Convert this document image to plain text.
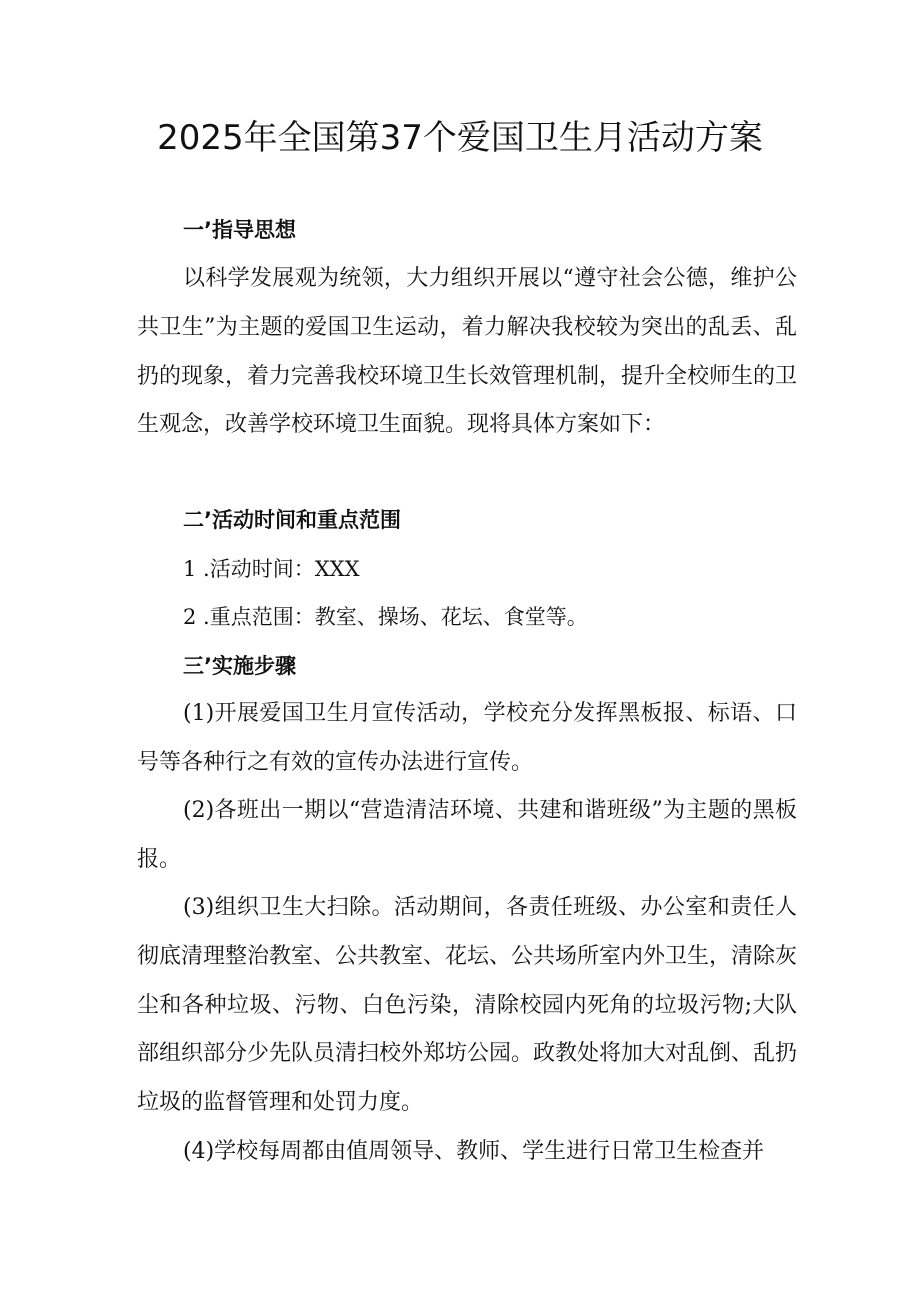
2025年全国第37个爱国卫生月活动方案
一’指导思想

以科学发展观为统领，大力组织开展以“遵守社会公德，维护公共卫生”为主题的爱国卫生运动，着力解决我校较为突出的乱丢、乱扔的现象，着力完善我校环境卫生长效管理机制，提升全校师生的卫生观念，改善学校环境卫生面貌。现将具体方案如下：

二’活动时间和重点范围

1 .活动时间：XXX

2 .重点范围：教室、操场、花坛、食堂等。

三’实施步骤

(1)开展爱国卫生月宣传活动，学校充分发挥黑板报、标语、口号等各种行之有效的宣传办法进行宣传。

(2)各班出一期以“营造清洁环境、共建和谐班级”为主题的黑板报。

(3)组织卫生大扫除。活动期间，各责任班级、办公室和责任人彻底清理整治教室、公共教室、花坛、公共场所室内外卫生，清除灰尘和各种垃圾、污物、白色污染，清除校园内死角的垃圾污物;大队部组织部分少先队员清扫校外郑坊公园。政教处将加大对乱倒、乱扔垃圾的监督管理和处罚力度。

(4)学校每周都由值周领导、教师、学生进行日常卫生检查并
